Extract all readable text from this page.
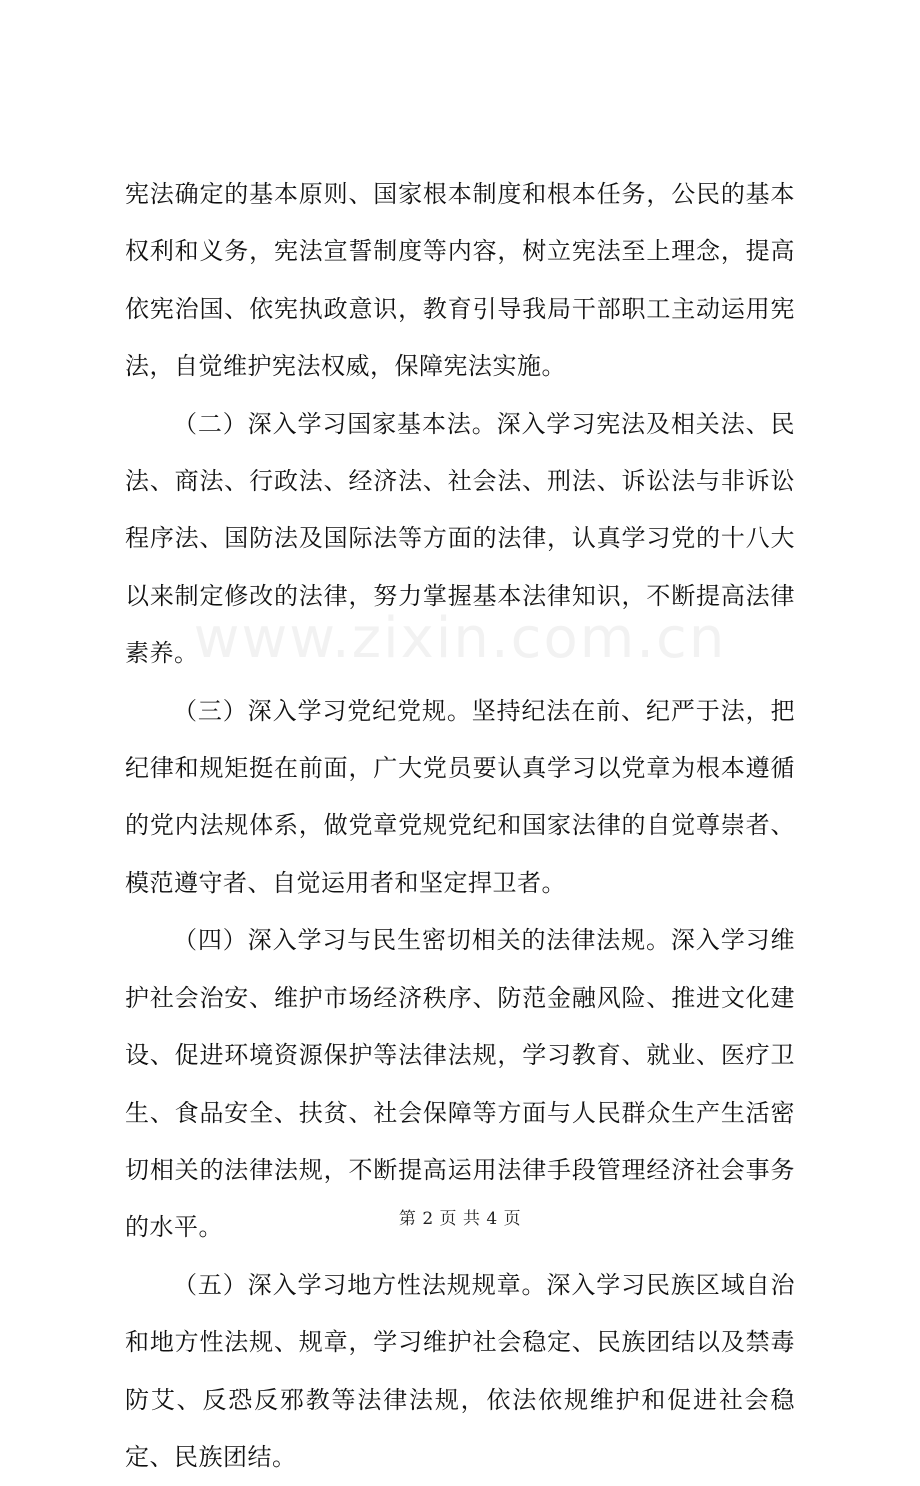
www.zixin.com.cn

宪法确定的基本原则、国家根本制度和根本任务，公民的基本权利和义务，宪法宣誓制度等内容，树立宪法至上理念，提高依宪治国、依宪执政意识，教育引导我局干部职工主动运用宪法，自觉维护宪法权威，保障宪法实施。

（二）深入学习国家基本法。深入学习宪法及相关法、民法、商法、行政法、经济法、社会法、刑法、诉讼法与非诉讼程序法、国防法及国际法等方面的法律，认真学习党的十八大以来制定修改的法律，努力掌握基本法律知识，不断提高法律素养。

（三）深入学习党纪党规。坚持纪法在前、纪严于法，把纪律和规矩挺在前面，广大党员要认真学习以党章为根本遵循的党内法规体系，做党章党规党纪和国家法律的自觉尊崇者、模范遵守者、自觉运用者和坚定捍卫者。

（四）深入学习与民生密切相关的法律法规。深入学习维护社会治安、维护市场经济秩序、防范金融风险、推进文化建设、促进环境资源保护等法律法规，学习教育、就业、医疗卫生、食品安全、扶贫、社会保障等方面与人民群众生产生活密切相关的法律法规，不断提高运用法律手段管理经济社会事务的水平。

（五）深入学习地方性法规规章。深入学习民族区域自治和地方性法规、规章，学习维护社会稳定、民族团结以及禁毒防艾、反恐反邪教等法律法规，依法依规维护和促进社会稳定、民族团结。

第 2 页 共 4 页
